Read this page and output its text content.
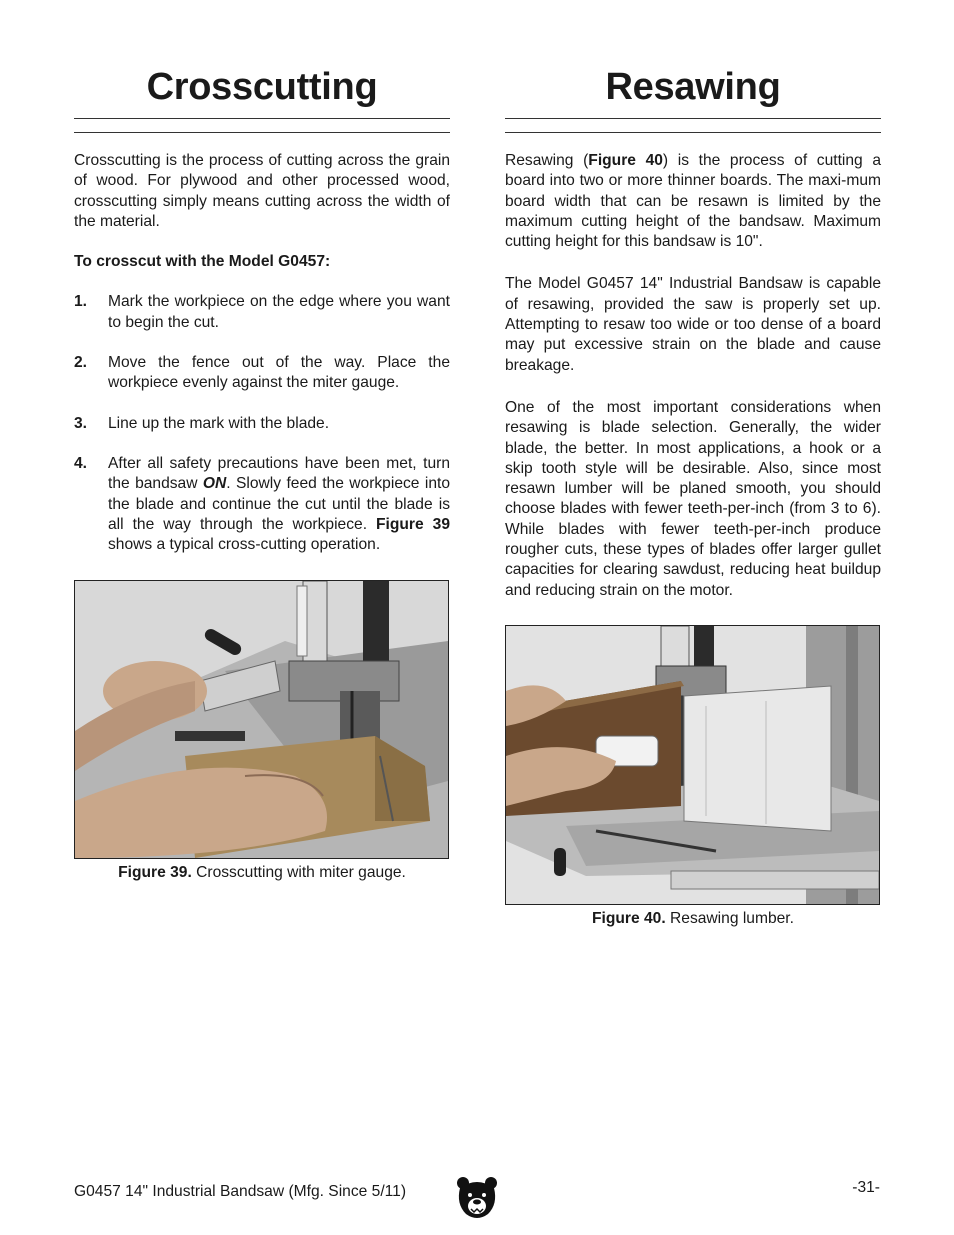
Crosscutting

Crosscutting is the process of cutting across the grain of wood. For plywood and other processed wood, crosscutting simply means cutting across the width of the material.

To crosscut with the Model G0457:

1.	Mark the workpiece on the edge where you want to begin the cut.
2.	Move the fence out of the way. Place the workpiece evenly against the miter gauge.
3.	Line up the mark with the blade.
4.	After all safety precautions have been met, turn the bandsaw ON. Slowly feed the workpiece into the blade and continue the cut until the blade is all the way through the workpiece. Figure 39 shows a typical cross-cutting operation.
Figure 39. Crosscutting with miter gauge.
Resawing

Resawing (Figure 40) is the process of cutting a board into two or more thinner boards. The maxi-mum board width that can be resawn is limited by the maximum cutting height of the bandsaw. Maximum cutting height for this bandsaw is 10".

The Model G0457 14" Industrial Bandsaw is capable of resawing, provided the saw is properly set up. Attempting to resaw too wide or too dense of a board may put excessive strain on the blade and cause breakage.

One of the most important considerations when resawing is blade selection. Generally, the wider blade, the better. In most applications, a hook or a skip tooth style will be desirable. Also, since most resawn lumber will be planed smooth, you should choose blades with fewer teeth-per-inch (from 3 to 6). While blades with fewer teeth-per-inch produce rougher cuts, these types of blades offer larger gullet capacities for clearing sawdust, reducing heat buildup and reducing strain on the motor.

Figure 40. Resawing lumber.
G0457 14" Industrial Bandsaw (Mfg. Since 5/11)	-31-
